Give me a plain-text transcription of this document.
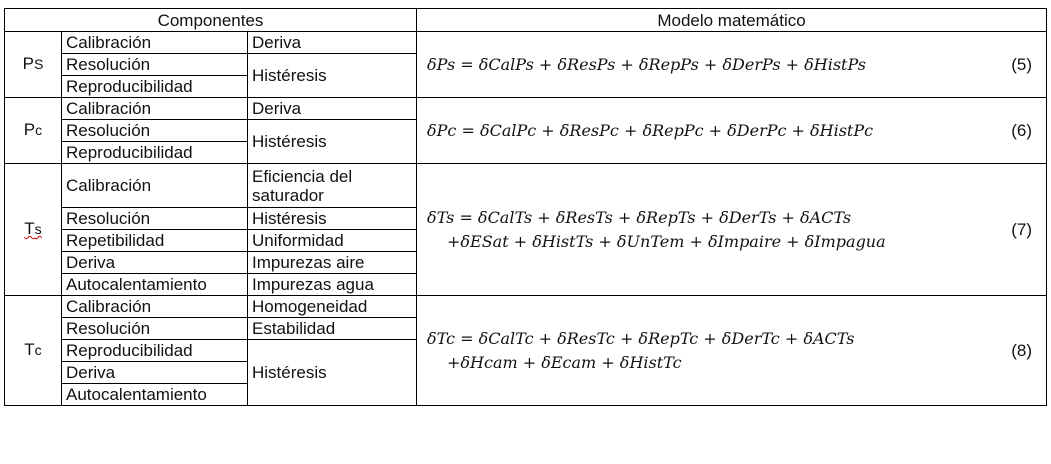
Componentes			Modelo matemático
PS	Calibración	Deriva	δPs = δCalPs + δResPs + δRepPs + δDerPs + δHistPs (5)

	Resolución	Histéresis	
	Reproducibilidad		
Pc	Calibración	Deriva	δPc = δCalPc + δResPc + δRepPc + δDerPc + δHistPc (6)

	Resolución	Histéresis	
	Reproducibilidad		
Ts	Calibración	Eficiencia del saturador	δTs = δCalTs + δResTs + δRepTs + δDerTs + δACTs
+δESat + δHistTs + δUnTem + δImpaire + δImpagua
(7)

	Resolución	Histéresis	
	Repetibilidad	Uniformidad	
	Deriva	Impurezas aire	
	Autocalentamiento	Impurezas agua	
Tc	Calibración	Homogeneidad	δTc = δCalTc + δResTc + δRepTc + δDerTc + δACTs
+δHcam + δEcam + δHistTc
(8)

	Resolución	Estabilidad	
	Reproducibilidad	Histéresis	
	Deriva		
	Autocalentamiento		
